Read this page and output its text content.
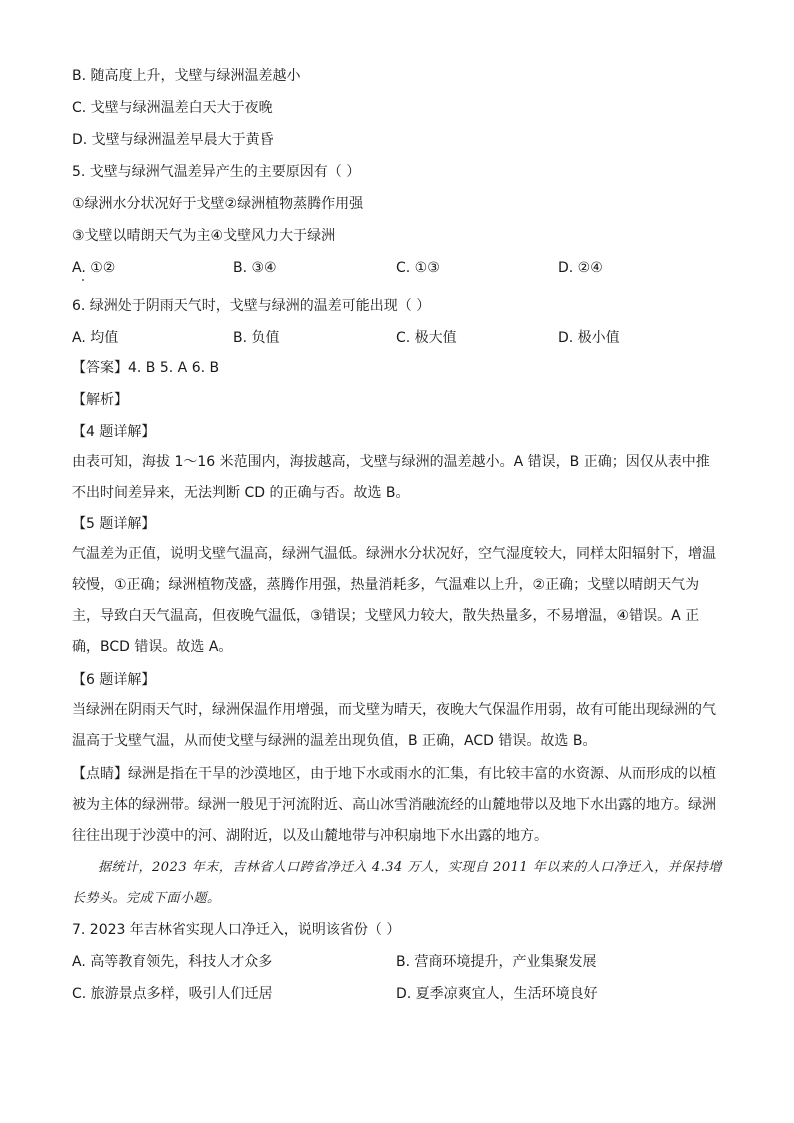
B. 随高度上升，戈壁与绿洲温差越小
C. 戈壁与绿洲温差白天大于夜晚
D. 戈壁与绿洲温差早晨大于黄昏
5. 戈壁与绿洲气温差异产生的主要原因有（ ）
①绿洲水分状况好于戈壁②绿洲植物蒸腾作用强
③戈壁以晴朗天气为主④戈壁风力大于绿洲
A. ①②	B. ③④	C. ①③	D. ②④
6. 绿洲处于阴雨天气时，戈壁与绿洲的温差可能出现（ ）
A. 均值	B. 负值	C. 极大值	D. 极小值
【答案】4. B 5. A 6. B
【解析】
【4 题详解】
由表可知，海拔 1～16 米范围内，海拔越高，戈壁与绿洲的温差越小。A 错误，B 正确；因仅从表中推不出时间差异来，无法判断 CD 的正确与否。故选 B。
【5 题详解】
气温差为正值，说明戈壁气温高，绿洲气温低。绿洲水分状况好，空气湿度较大，同样太阳辐射下，增温较慢，①正确；绿洲植物茂盛，蒸腾作用强，热量消耗多，气温难以上升，②正确；戈壁以晴朗天气为主，导致白天气温高，但夜晚气温低，③错误；戈壁风力较大，散失热量多，不易增温，④错误。A 正确，BCD 错误。故选 A。
【6 题详解】
当绿洲在阴雨天气时，绿洲保温作用增强，而戈壁为晴天，夜晚大气保温作用弱，故有可能出现绿洲的气温高于戈壁气温，从而使戈壁与绿洲的温差出现负值，B 正确，ACD 错误。故选 B。
【点睛】绿洲是指在干旱的沙漠地区，由于地下水或雨水的汇集，有比较丰富的水资源、从而形成的以植被为主体的绿洲带。绿洲一般见于河流附近、高山冰雪消融流经的山麓地带以及地下水出露的地方。绿洲往往出现于沙漠中的河、湖附近，以及山麓地带与冲积扇地下水出露的地方。
据统计，2023 年末，吉林省人口跨省净迁入 4.34 万人，实现自 2011 年以来的人口净迁入，并保持增长势头。完成下面小题。
7. 2023 年吉林省实现人口净迁入，说明该省份（ ）
A. 高等教育领先，科技人才众多	B. 营商环境提升，产业集聚发展
C. 旅游景点多样，吸引人们迁居	D. 夏季凉爽宜人，生活环境良好
